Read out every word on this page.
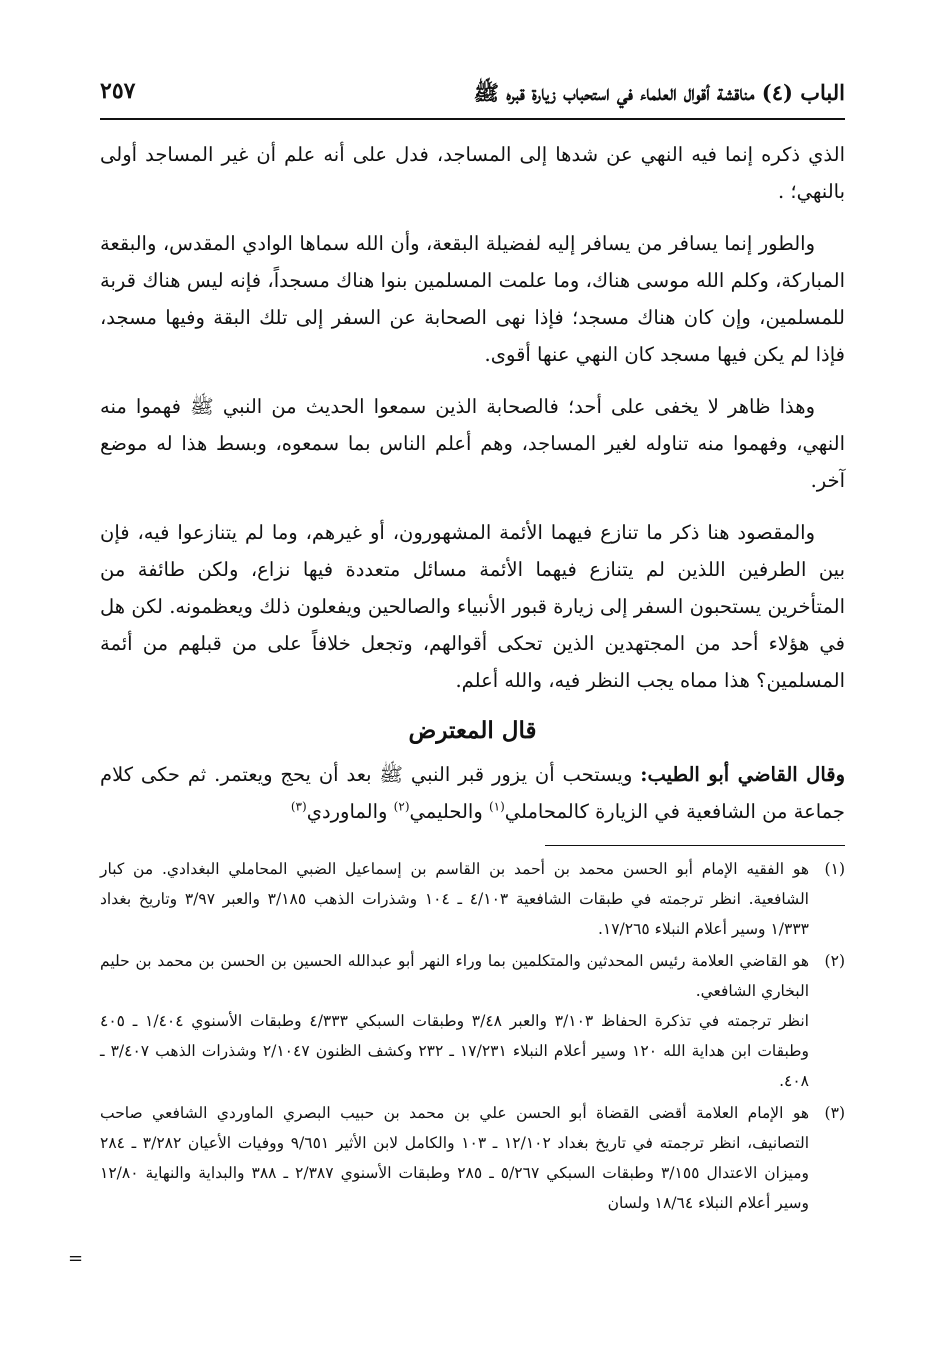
الباب (٤) مناقشة أقوال العلماء في استحباب زيارة قبره ﷺ
٢٥٧

الذي ذكره إنما فيه النهي عن شدها إلى المساجد، فدل على أنه علم أن غير المساجد أولى بالنهي؛ .

والطور إنما يسافر من يسافر إليه لفضيلة البقعة، وأن الله سماها الوادي المقدس، والبقعة المباركة، وكلم الله موسى هناك، وما علمت المسلمين بنوا هناك مسجداً، فإنه ليس هناك قربة للمسلمين، وإن كان هناك مسجد؛ فإذا نهى الصحابة عن السفر إلى تلك البقة وفيها مسجد، فإذا لم يكن فيها مسجد كان النهي عنها أقوى.

وهذا ظاهر لا يخفى على أحد؛ فالصحابة الذين سمعوا الحديث من النبي ﷺ فهموا منه النهي، وفهموا منه تناوله لغير المساجد، وهم أعلم الناس بما سمعوه، وبسط هذا له موضع آخر.

والمقصود هنا ذكر ما تنازع فيهما الأئمة المشهورون، أو غيرهم، وما لم يتنازعوا فيه، فإن بين الطرفين اللذين لم يتنازع فيهما الأئمة مسائل متعددة فيها نزاع، ولكن طائفة من المتأخرين يستحبون السفر إلى زيارة قبور الأنبياء والصالحين ويفعلون ذلك ويعظمونه. لكن هل في هؤلاء أحد من المجتهدين الذين تحكى أقوالهم، وتجعل خلافاً على من قبلهم من أئمة المسلمين؟ هذا مماه يجب النظر فيه، والله أعلم.

قال المعترض

وقال القاضي أبو الطيب: ويستحب أن يزور قبر النبي ﷺ بعد أن يحج ويعتمر. ثم حكى كلام جماعة من الشافعية في الزيارة كالمحاملي$^{(١)}$ والحليمي$^{(٢)}$ والماوردي$^{(٣)}$

(١)

هو الفقيه الإمام أبو الحسن محمد بن أحمد بن القاسم بن إسماعيل الضبي المحاملي البغدادي. من كبار الشافعية. انظر ترجمته في طبقات الشافعية ٤/١٠٣ ـ ١٠٤ وشذرات الذهب ٣/١٨٥ والعبر ٣/٩٧ وتاريخ بغداد ١/٣٣٣ وسير أعلام النبلاء ١٧/٢٦٥.

(٢)

هو القاضي العلامة رئيس المحدثين والمتكلمين بما وراء النهر أبو عبدالله الحسين بن الحسن بن محمد بن حليم البخاري الشافعي.

انظر ترجمته في تذكرة الحفاظ ٣/١٠٣ والعبر ٣/٤٨ وطبقات السبكي ٤/٣٣٣ وطبقات الأسنوي ١/٤٠٤ ـ ٤٠٥ وطبقات ابن هداية الله ١٢٠ وسير أعلام النبلاء ١٧/٢٣١ ـ ٢٣٢ وكشف الظنون ٢/١٠٤٧ وشذرات الذهب ٣/٤٠٧ ـ ٤٠٨.

(٣)

هو الإمام العلامة أقضى القضاة أبو الحسن علي بن محمد بن حبيب البصري الماوردي الشافعي صاحب التصانيف، انظر ترجمته في تاريخ بغداد ١٢/١٠٢ ـ ١٠٣ والكامل لابن الأثير ٩/٦٥١ ووفيات الأعيان ٣/٢٨٢ ـ ٢٨٤ وميزان الاعتدال ٣/١٥٥ وطبقات السبكي ٥/٢٦٧ ـ ٢٨٥ وطبقات الأسنوي ٢/٣٨٧ ـ ٣٨٨ والبداية والنهاية ١٢/٨٠ وسير أعلام النبلاء ١٨/٦٤ ولسان

=
